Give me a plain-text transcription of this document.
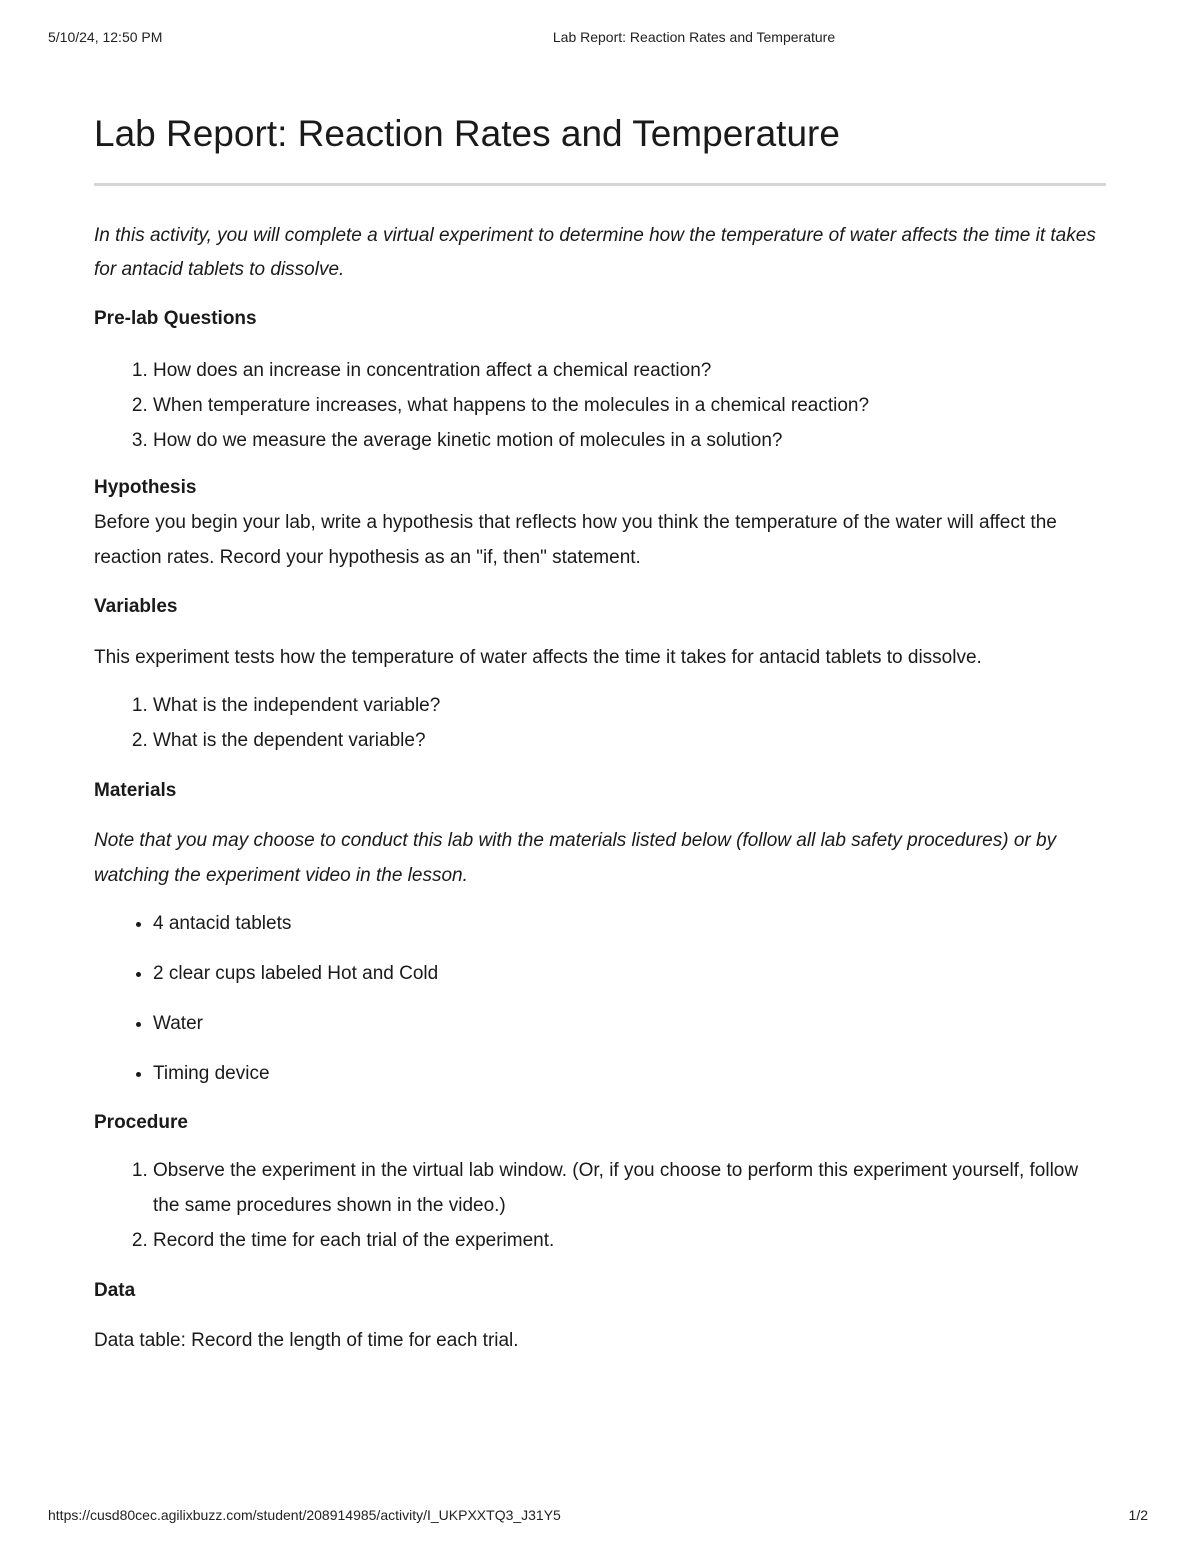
5/10/24, 12:50 PM	Lab Report: Reaction Rates and Temperature
Lab Report: Reaction Rates and Temperature

In this activity, you will complete a virtual experiment to determine how the temperature of water affects the time it takes for antacid tablets to dissolve.

Pre-lab Questions
1. How does an increase in concentration affect a chemical reaction?
2. When temperature increases, what happens to the molecules in a chemical reaction?
3. How do we measure the average kinetic motion of molecules in a solution?
Hypothesis

Before you begin your lab, write a hypothesis that reflects how you think the temperature of the water will affect the reaction rates. Record your hypothesis as an "if, then" statement.

Variables

This experiment tests how the temperature of water affects the time it takes for antacid tablets to dissolve.

1. What is the independent variable?
2. What is the dependent variable?
Materials

Note that you may choose to conduct this lab with the materials listed below (follow all lab safety procedures) or by watching the experiment video in the lesson.

• 4 antacid tablets
• 2 clear cups labeled Hot and Cold
• Water
• Timing device
Procedure
1. Observe the experiment in the virtual lab window. (Or, if you choose to perform this experiment yourself, follow the same procedures shown in the video.)
2. Record the time for each trial of the experiment.
Data

Data table: Record the length of time for each trial.

https://cusd80cec.agilixbuzz.com/student/208914985/activity/I_UKPXXTQ3_J31Y5	1/2
